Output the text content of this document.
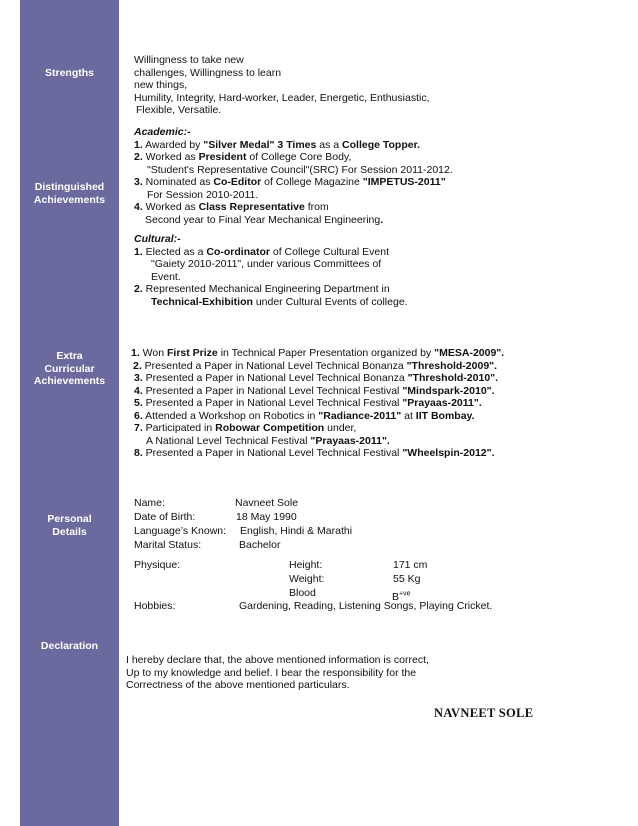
Strengths
Distinguished
Achievements
Extra
Curricular
Achievements
Personal
Details
Declaration
Willingness to take new
challenges, Willingness to learn
new things,
Humility, Integrity, Hard-worker, Leader, Energetic, Enthusiastic,
Flexible, Versatile.
Academic:-
1. Awarded by "Silver Medal" 3 Times as a College Topper.
2. Worked as President of College Core Body,
"Student's Representative Council"(SRC) For Session 2011-2012.
3. Nominated as Co-Editor of College Magazine "IMPETUS-2011"
For Session 2010-2011.
4. Worked as Class Representative from
Second year to Final Year Mechanical Engineering.
Cultural:-
1. Elected as a Co-ordinator of College Cultural Event
"Gaiety 2010-2011", under various Committees of
Event.
2. Represented Mechanical Engineering Department in
Technical-Exhibition under Cultural Events of college.
1. Won First Prize in Technical Paper Presentation organized by "MESA-2009".
2. Presented a Paper in National Level Technical Bonanza "Threshold-2009".
3. Presented a Paper in National Level Technical Bonanza "Threshold-2010".
4. Presented a Paper in National Level Technical Festival "Mindspark-2010".
5. Presented a Paper in National Level Technical Festival "Prayaas-2011".
6. Attended a Workshop on Robotics in "Radiance-2011" at IIT Bombay.
7. Participated in Robowar Competition under,
A National Level Technical Festival "Prayaas-2011".
8. Presented a Paper in National Level Technical Festival "Wheelspin-2012".
Name:	Navneet Sole
Date of Birth:	18 May 1990
Language’s Known: English, Hindi & Marathi
Marital Status:	Bachelor
Physique:	Height:	171 cm
Weight:	55 Kg
Blood	$B^{+ve}$
Hobbies:	Gardening, Reading, Listening Songs, Playing Cricket.
I hereby declare that, the above mentioned information is correct,
Up to my knowledge and belief. I bear the responsibility for the
Correctness of the above mentioned particulars.
NAVNEET SOLE
